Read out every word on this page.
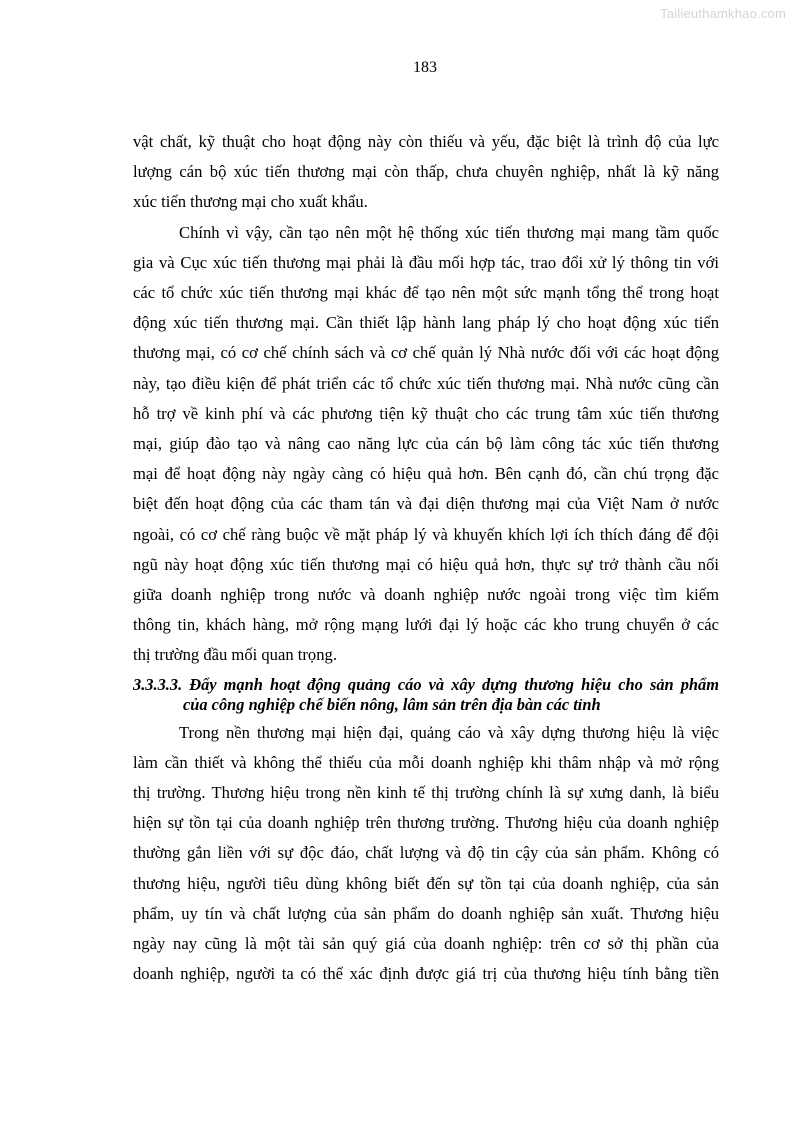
Tailieuthamkhao.com
183

vật chất, kỹ thuật cho hoạt động này còn thiếu và yếu, đặc biệt là trình độ của lực
lượng cán bộ xúc tiến thương mại còn thấp, chưa chuyên nghiệp, nhất là kỹ năng
xúc tiến thương mại cho xuất khẩu.

Chính vì vậy, cần tạo nên một hệ thống xúc tiến thương mại mang tầm quốc
gia và Cục xúc tiến thương mại phải là đầu mối hợp tác, trao đổi xử lý thông tin với
các tổ chức xúc tiến thương mại khác để tạo nên một sức mạnh tổng thể trong hoạt
động xúc tiến thương mại. Cần thiết lập hành lang pháp lý cho hoạt động xúc tiến
thương mại, có cơ chế chính sách và cơ chế quản lý Nhà nước đối với các hoạt động
này, tạo điều kiện để phát triển các tổ chức xúc tiến thương mại. Nhà nước cũng cần
hỗ trợ về kinh phí và các phương tiện kỹ thuật cho các trung tâm xúc tiến thương
mại, giúp đào tạo và nâng cao năng lực của cán bộ làm công tác xúc tiến thương
mại để hoạt động này ngày càng có hiệu quả hơn. Bên cạnh đó, cần chú trọng đặc
biệt đến hoạt động của các tham tán và đại diện thương mại của Việt Nam ở nước
ngoài, có cơ chế ràng buộc về mặt pháp lý và khuyến khích lợi ích thích đáng để đội
ngũ này hoạt động xúc tiến thương mại có hiệu quả hơn, thực sự trở thành cầu nối
giữa doanh nghiệp trong nước và doanh nghiệp nước ngoài trong việc tìm kiếm
thông tin, khách hàng, mở rộng mạng lưới đại lý hoặc các kho trung chuyển ở các
thị trường đầu mối quan trọng.

3.3.3.3. Đẩy mạnh hoạt động quảng cáo và xây dựng thương hiệu cho sản phẩm
của công nghiệp chế biến nông, lâm sản trên địa bàn các tỉnh

Trong nền thương mại hiện đại, quảng cáo và xây dựng thương hiệu là việc
làm cần thiết và không thể thiếu của mỗi doanh nghiệp khi thâm nhập và mở rộng
thị trường. Thương hiệu trong nền kinh tế thị trường chính là sự xưng danh, là biểu
hiện sự tồn tại của doanh nghiệp trên thương trường. Thương hiệu của doanh nghiệp
thường gắn liền với sự độc đáo, chất lượng và độ tin cậy của sản phẩm. Không có
thương hiệu, người tiêu dùng không biết đến sự tồn tại của doanh nghiệp, của sản
phẩm, uy tín và chất lượng của sản phẩm do doanh nghiệp sản xuất. Thương hiệu
ngày nay cũng là một tài sản quý giá của doanh nghiệp: trên cơ sở thị phần của
doanh nghiệp, người ta có thể xác định được giá trị của thương hiệu tính bằng tiền
